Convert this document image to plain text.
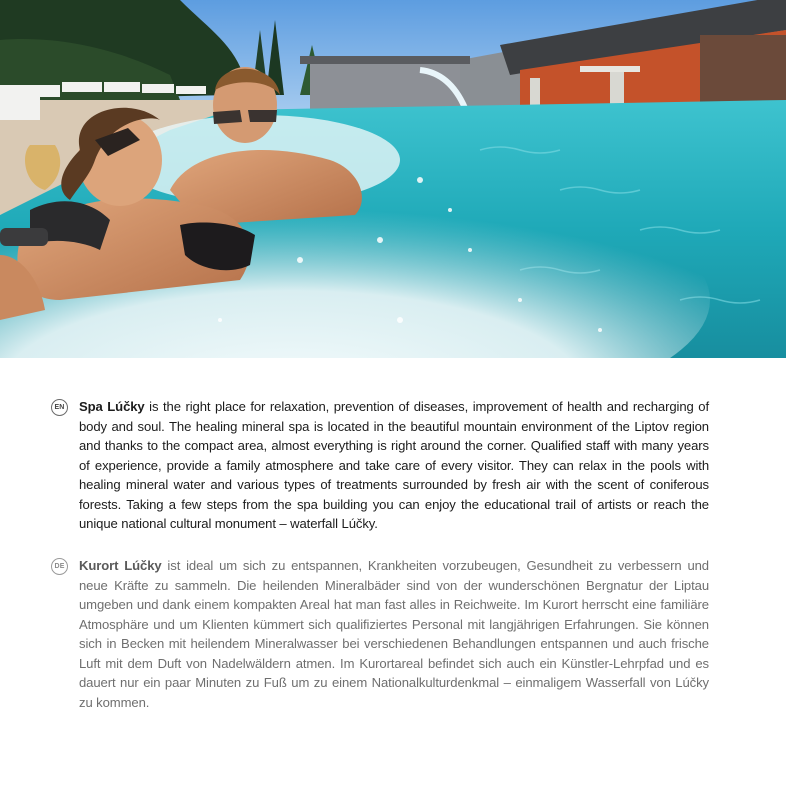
EN Spa Lúčky is the right place for relaxation, prevention of diseases, improvement of health and recharging of body and soul. The healing mineral spa is located in the beautiful mountain environment of the Liptov region and thanks to the compact area, almost everything is right around the corner. Qualified staff with many years of experience, provide a family atmosphere and take care of every visitor. They can relax in the pools with healing mineral water and various types of treatments surrounded by fresh air with the scent of coniferous forests. Taking a few steps from the spa building you can enjoy the educational trail of artists or reach the unique national cultural monument – waterfall Lúčky.

DE Kurort Lúčky ist ideal um sich zu entspannen, Krankheiten vorzubeugen, Gesundheit zu verbessern und neue Kräfte zu sammeln. Die heilenden Mineralbäder sind von der wunderschönen Bergnatur der Liptau umgeben und dank einem kompakten Areal hat man fast alles in Reichweite. Im Kurort herrscht eine familiäre Atmosphäre und um Klienten kümmert sich qualifiziertes Personal mit langjährigen Erfahrungen. Sie können sich in Becken mit heilendem Mineralwasser bei verschiedenen Behandlungen entspannen und auch frische Luft mit dem Duft von Nadelwäldern atmen. Im Kurortareal befindet sich auch ein Künstler-Lehrpfad und es dauert nur ein paar Minuten zu Fuß um zu einem Nationalkulturdenkmal – einmaligem Wasserfall von Lúčky zu kommen.
